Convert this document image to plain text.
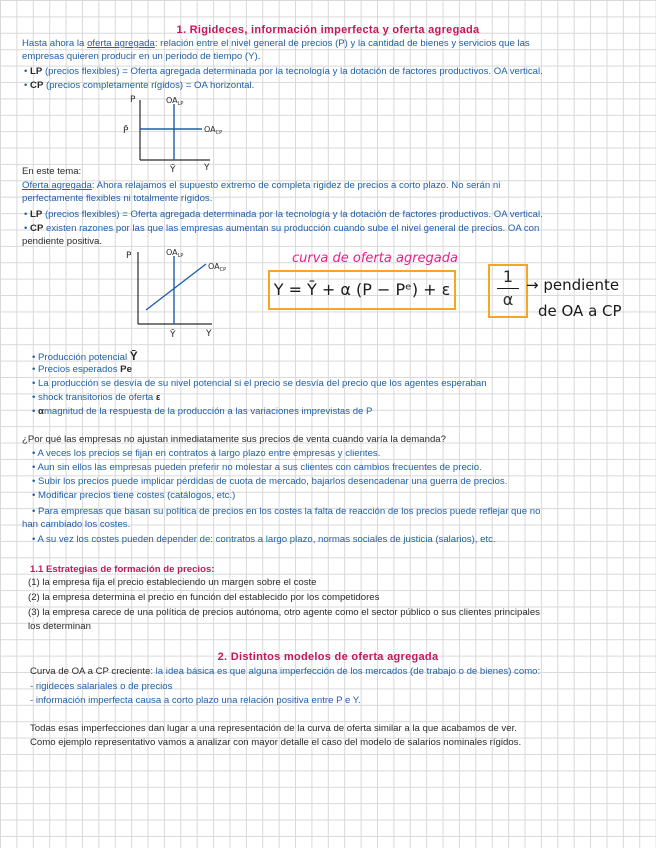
1. Rigideces, información imperfecta y oferta agregada
Hasta ahora la oferta agregada: relación entre el nivel general de precios (P) y la cantidad de bienes y servicios que las
empresas quieren producir en un periodo de tiempo (Y).
• LP (precios flexibles) = Oferta agregada determinada por la tecnología y la dotación de factores productivos. OA vertical.
• CP (precios completamente rígidos) = OA horizontal.
P
Y
P̄
Ȳ
$OA_{LP}$
$OA_{CP}$
En este tema:
Oferta agregada: Ahora relajamos el supuesto extremo de completa rigidez de precios a corto plazo. No serán ni
perfectamente flexibles ni totalmente rígidos.
• LP (precios flexibles) = Oferta agregada determinada por la tecnología y la dotación de factores productivos. OA vertical.
• CP existen razones por las que las empresas aumentan su producción cuando sube el nivel general de precios. OA con
pendiente positiva.
P
Y
Ȳ
$OA_{LP}$
$OA_{CP}$
curva de oferta agregada
Y = Ȳ + α (P − Pᵉ) + ε
1
α
→ pendiente
de OA a CP
• Producción potencial Ȳ
• Precios esperados Pe
• La producción se desvía de su nivel potencial si el precio se desvía del precio que los agentes esperaban
• shock transitorios de oferta ε
• αmagnitud de la respuesta de la producción a las variaciones imprevistas de P
¿Por qué las empresas no ajustan inmediatamente sus precios de venta cuando varía la demanda?
• A veces los precios se fijan en contratos a largo plazo entre empresas y clientes.
• Aun sin ellos las empresas pueden preferir no molestar a sus clientes con cambios frecuentes de precio.
• Subir los precios puede implicar pérdidas de cuota de mercado, bajarlos desencadenar una guerra de precios.
• Modificar precios tiene costes (catálogos, etc.)
• Para empresas que basan su política de precios en los costes la falta de reacción de los precios puede reflejar que no
han cambiado los costes.
• A su vez los costes pueden depender de: contratos a largo plazo, normas sociales de justicia (salarios), etc.
1.1 Estrategias de formación de precios:
(1) la empresa fija el precio estableciendo un margen sobre el coste
(2) la empresa determina el precio en función del establecido por los competidores
(3) la empresa carece de una política de precios autónoma, otro agente como el sector público o sus clientes principales
los determinan
2. Distintos modelos de oferta agregada
Curva de OA a CP creciente: la idea básica es que alguna imperfección de los mercados (de trabajo o de bienes) como:
- rigideces salariales o de precios
- información imperfecta causa a corto plazo una relación positiva entre P e Y.
Todas esas imperfecciones dan lugar a una representación de la curva de oferta similar a la que acabamos de ver.
Como ejemplo representativo vamos a analizar con mayor detalle el caso del modelo de salarios nominales rígidos.
